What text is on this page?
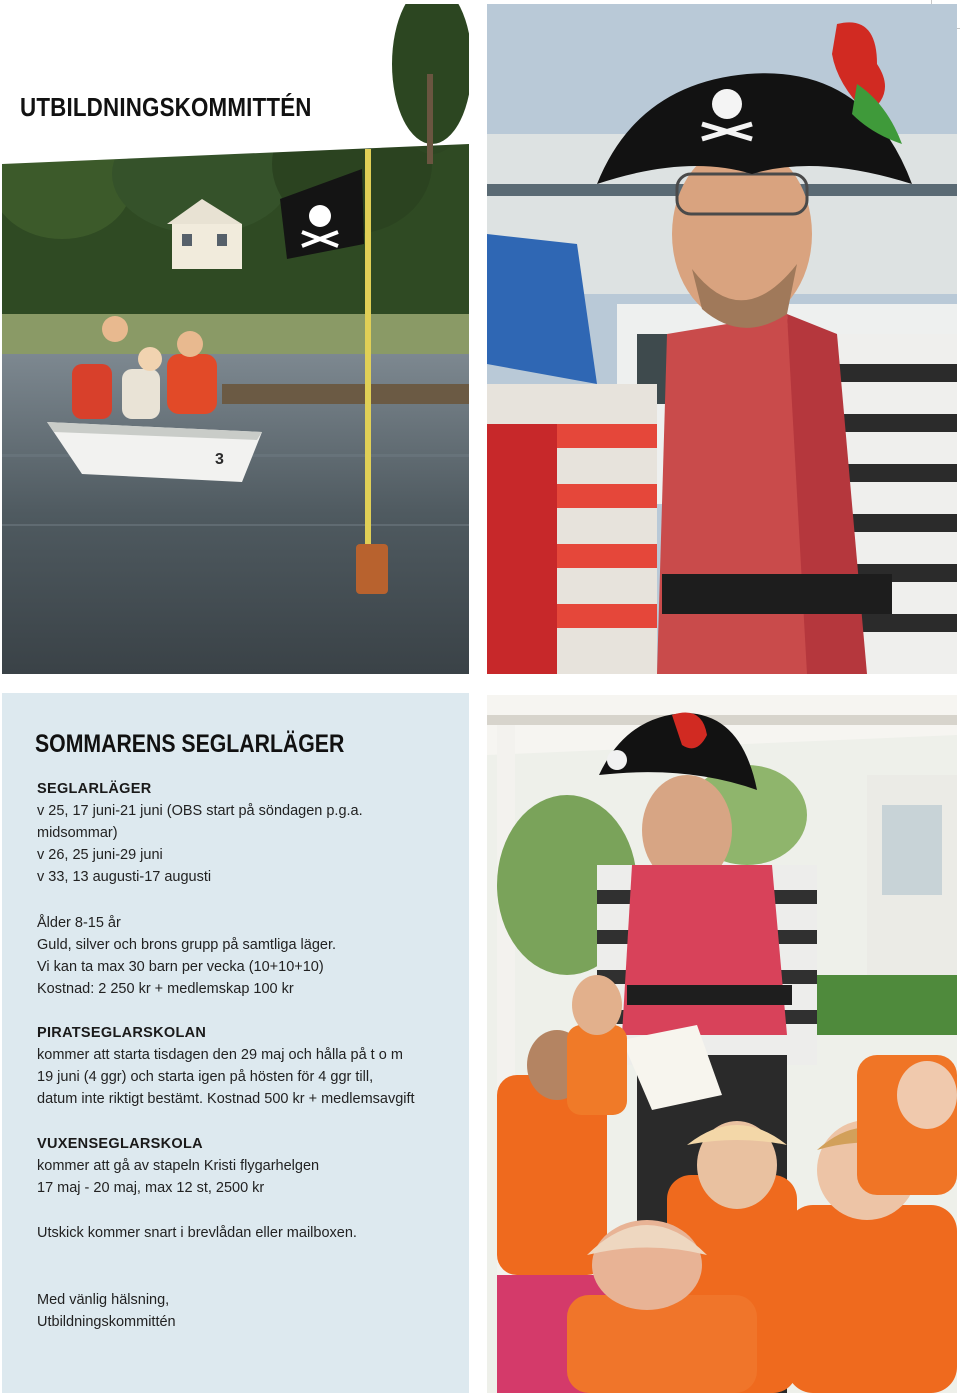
3
UTBILDNINGSKOMMITTÉN
SOMMARENS SEGLARLÄGER
SEGLARLÄGER
v 25, 17 juni-21 juni (OBS start på söndagen p.g.a.
midsommar)
v 26, 25 juni-29 juni
v 33, 13 augusti-17 augusti
Ålder 8-15 år
Guld, silver och brons grupp på samtliga läger.
Vi kan ta max 30 barn per vecka (10+10+10)
Kostnad: 2 250 kr + medlemskap 100 kr
PIRATSEGLARSKOLAN
kommer att starta tisdagen den 29 maj och hålla på t o m
19 juni (4 ggr) och starta igen på hösten för 4 ggr till,
datum inte riktigt bestämt. Kostnad 500 kr + medlemsavgift
VUXENSEGLARSKOLA
kommer att gå av stapeln Kristi flygarhelgen
17 maj - 20 maj, max 12 st, 2500 kr
Utskick kommer snart i brevlådan eller mailboxen.
Med vänlig hälsning,
Utbildningskommittén
